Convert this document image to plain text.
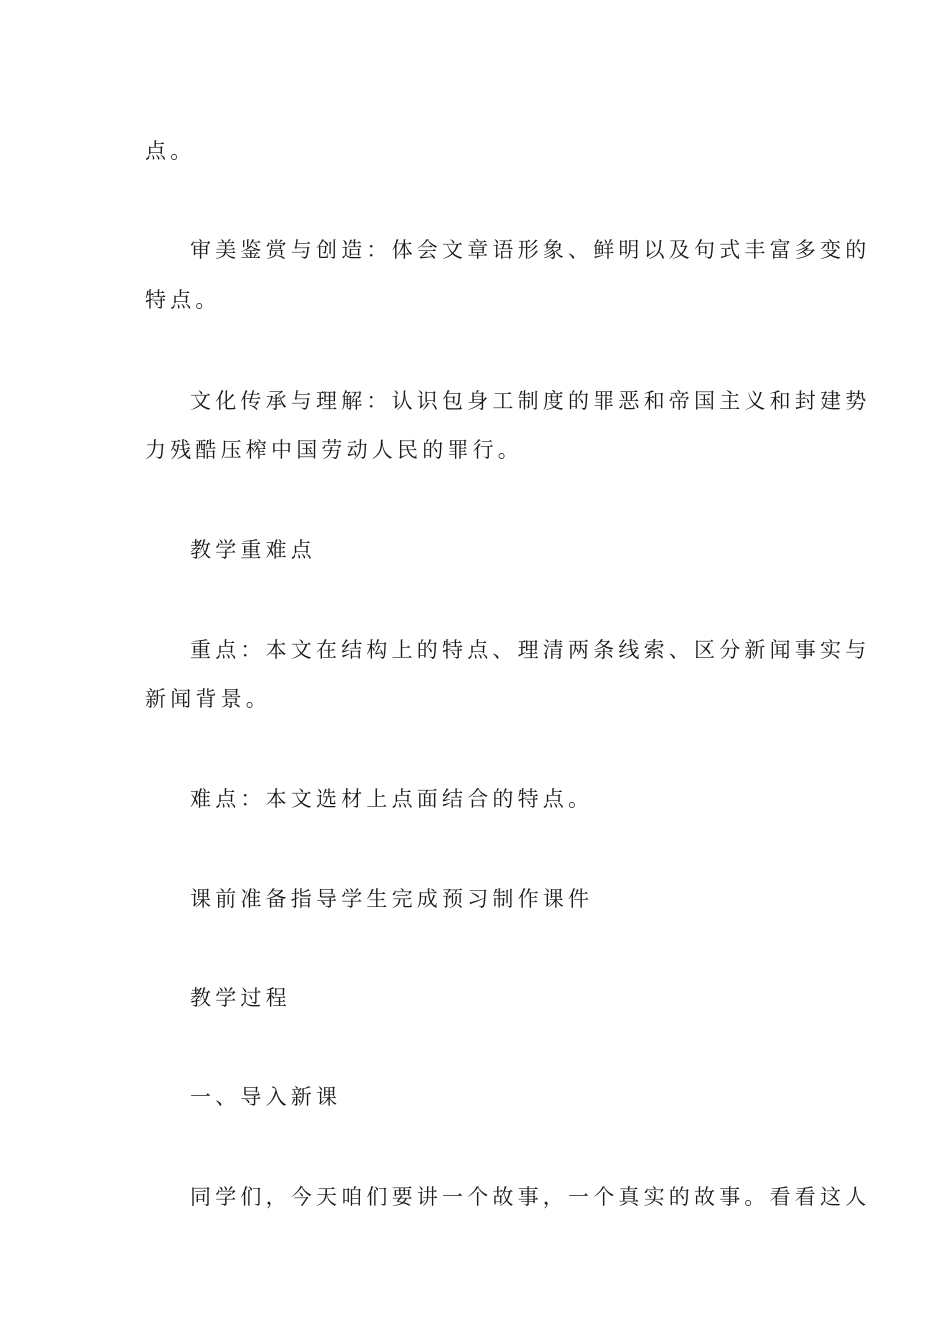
点。
审美鉴赏与创造：体会文章语形象、鲜明以及句式丰富多变的
特点。
文化传承与理解：认识包身工制度的罪恶和帝国主义和封建势
力残酷压榨中国劳动人民的罪行。
教学重难点
重点：本文在结构上的特点、理清两条线索、区分新闻事实与
新闻背景。
难点：本文选材上点面结合的特点。
课前准备指导学生完成预习制作课件
教学过程
一、导入新课
同学们，今天咱们要讲一个故事，一个真实的故事。看看这人
